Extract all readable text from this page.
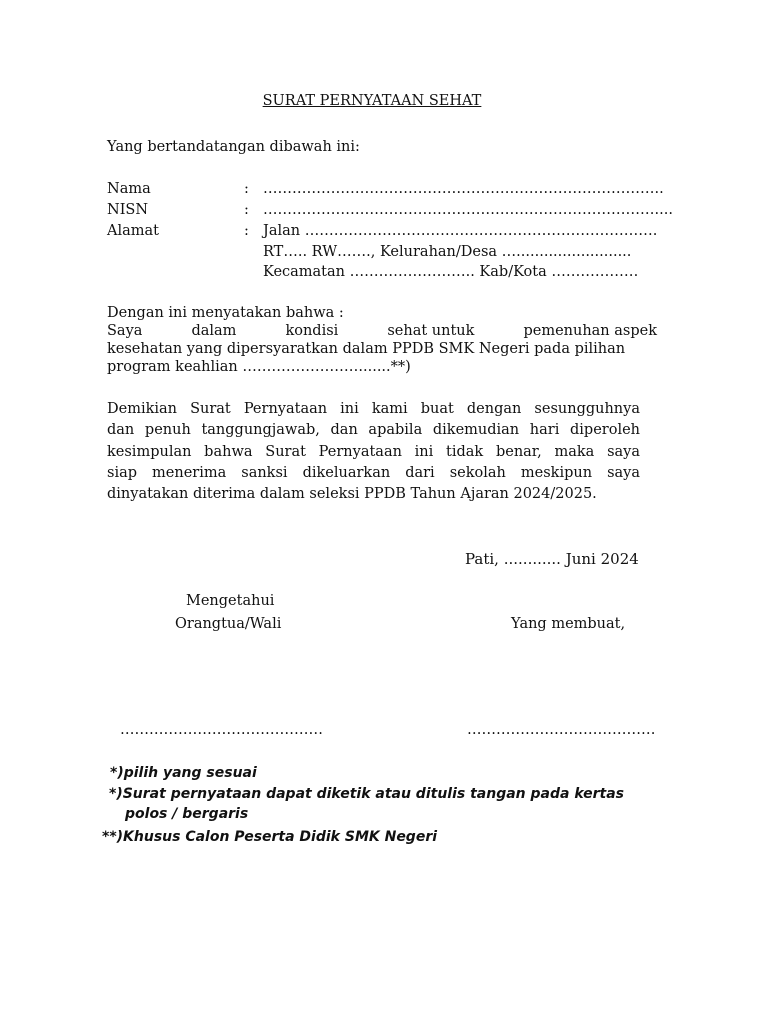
SURAT PERNYATAAN SEHAT
Yang bertandatangan dibawah ini:
Nama	: ………………………………………………………………………..
NISN	: ………………………………………………………………………....
Alamat	: Jalan ……………………………………………………………….
RT….. RW……., Kelurahan/Desa ….........................
Kecamatan …………………….. Kab/Kota ………………
Dengan ini menyatakan bahwa :
Saya	dalam	kondisi	sehat untuk	pemenuhan aspek
kesehatan yang dipersyaratkan dalam PPDB SMK Negeri pada pilihan
program keahlian …………………….......**)

Demikian Surat Pernyataan ini kami buat dengan sesungguhnya

dan penuh tanggungjawab, dan apabila dikemudian hari diperoleh

kesimpulan bahwa Surat Pernyataan ini tidak benar, maka saya

siap menerima sanksi dikeluarkan dari sekolah meskipun saya

dinyatakan diterima dalam seleksi PPDB Tahun Ajaran 2024/2025.

Pati, ............ Juni 2024
Mengetahui
Orangtua/Wali	Yang membuat,
……………………………………	…………………………………
*)pilih yang sesuai
*)Surat pernyataan dapat diketik atau ditulis tangan pada kertas
polos / bergaris
**)Khusus Calon Peserta Didik SMK Negeri
